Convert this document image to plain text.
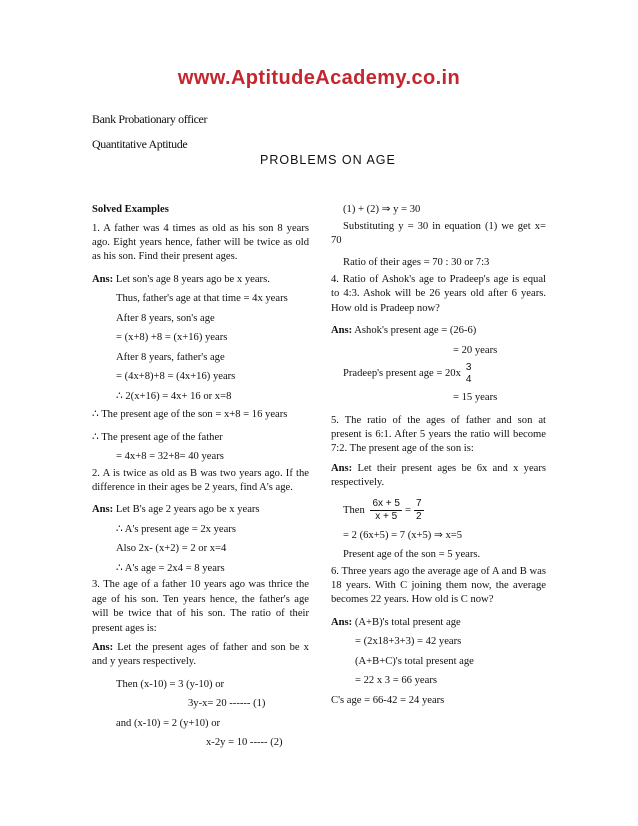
www.AptitudeAcademy.co.in
Bank Probationary officer
Quantitative Aptitude
PROBLEMS ON AGE

Solved Examples

1. A father was 4 times as old as his son 8 years ago. Eight years hence, father will be twice as old as his son. Find their present ages.

Ans: Let son's age 8 years ago be x years.

Thus, father's age at that time = 4x years

After 8 years, son's age

= (x+8) +8 = (x+16) years

After 8 years, father's age

= (4x+8)+8 = (4x+16) years

∴ 2(x+16) = 4x+ 16 or x=8

∴ The present age of the son = x+8 = 16 years

∴ The present age of the father

= 4x+8 = 32+8= 40 years

2. A is twice as old as B was two years ago. If the difference in their ages be 2 years, find A's age.

Ans: Let B's age 2 years ago be x years

∴ A's present age = 2x years

Also 2x- (x+2) = 2 or x=4

∴ A's age = 2x4 = 8 years

3. The age of a father 10 years ago was thrice the age of his son. Ten years hence, the father's age will be twice that of his son. The ratio of their present ages is:

Ans: Let the present ages of father and son be x and y years respectively.

Then (x-10) = 3 (y-10) or

3y-x= 20 ------ (1)

and (x-10) = 2 (y+10) or

x-2y = 10 ----- (2)

(1) + (2) ⇒ y = 30

Substituting y = 30 in equation (1) we get x= 70

Ratio of their ages = 70 : 30 or 7:3

4. Ratio of Ashok's age to Pradeep's age is equal to 4:3. Ashok will be 26 years old after 6 years. How old is Pradeep now?

Ans: Ashok's present age = (26-6)

= 20 years

Pradeep's present age = 20x
3
4

= 15 years

5. The ratio of the ages of father and son at present is 6:1. After 5 years the ratio will become 7:2. The present age of the son is:

Ans: Let their present ages be 6x and x years respectively.

Then $\frac{6x + 5}{x + 5} = \frac{7}{2}$

= 2 (6x+5) = 7 (x+5) ⇒ x=5

Present age of the son = 5 years.

6. Three years ago the average age of A and B was 18 years. With C joining them now, the average becomes 22 years. How old is C now?

Ans: (A+B)'s total present age

= (2x18+3+3) = 42 years

(A+B+C)'s total present age

= 22 x 3 = 66 years

C's age = 66-42 = 24 years
